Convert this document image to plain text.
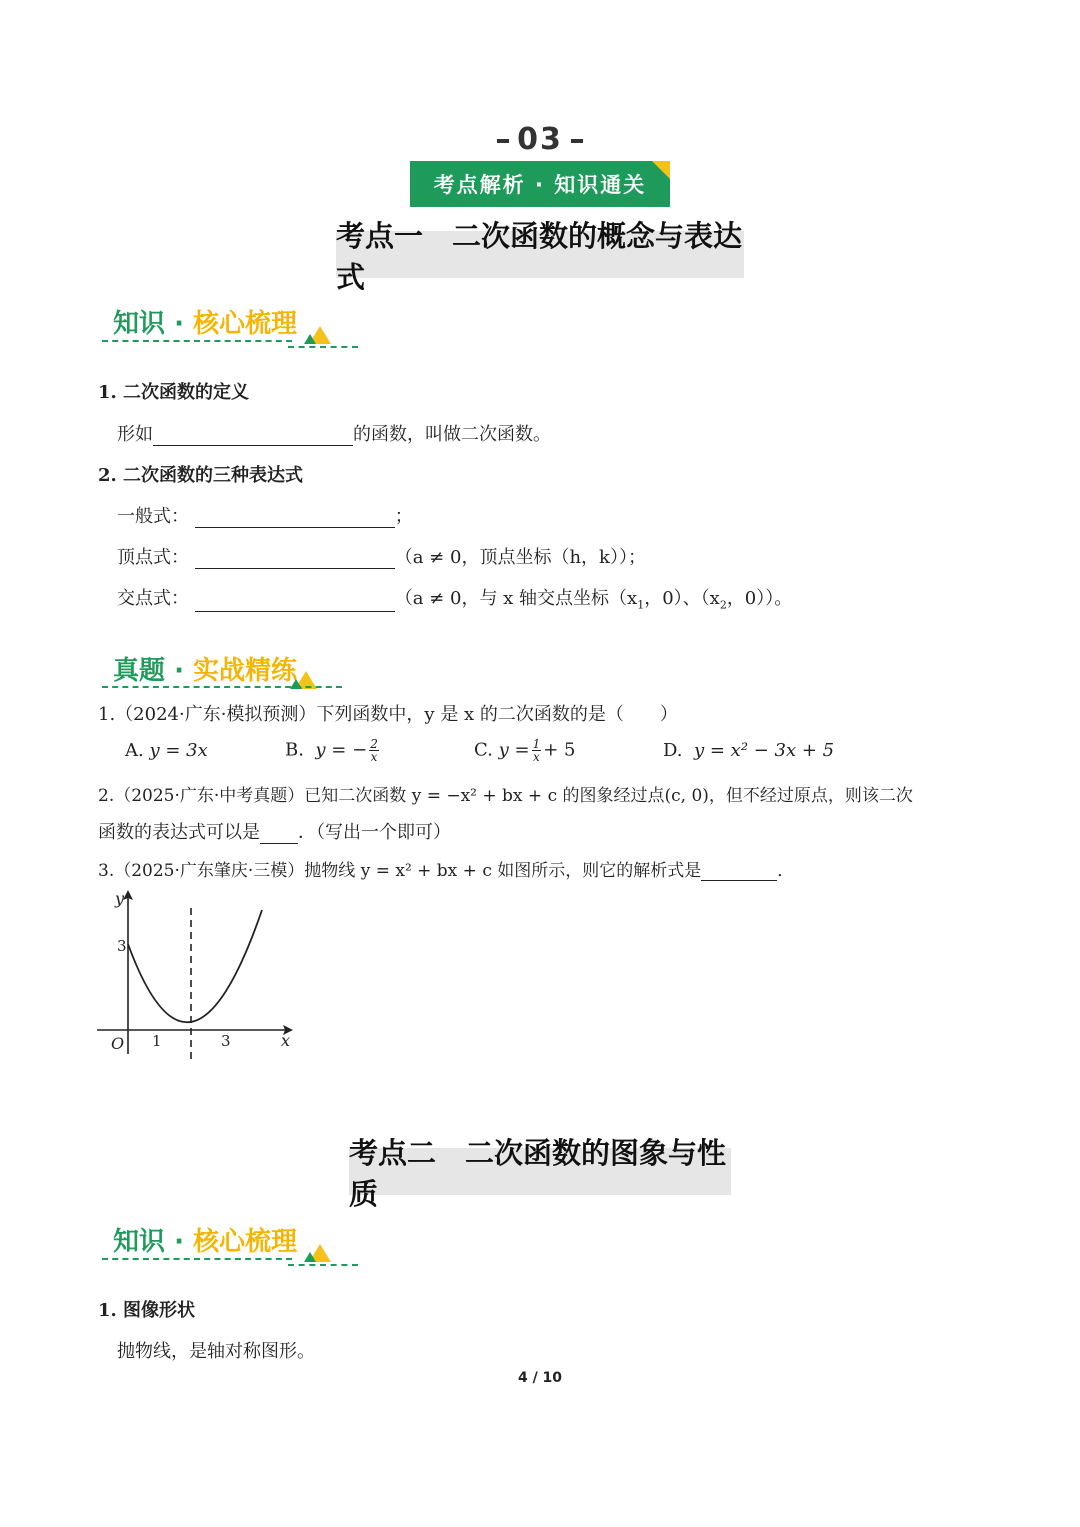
03
考点解析 · 知识通关
考点一　二次函数的概念与表达式
知识 · 核心梳理
1. 二次函数的定义
形如	的函数，叫做二次函数。
2. 二次函数的三种表达式
一般式：	；
顶点式：	（a ≠ 0，顶点坐标（h，k））；
交点式：	（a ≠ 0，与 x 轴交点坐标（$x_1$，0）、（$x_2$，0））。
真题 · 实战精练
1.（2024·广东·模拟预测）下列函数中，y 是 x 的二次函数的是（　　）
A. y = 3x	B. y = − $\frac{2}{x}$	C. $y = \frac{1}{x} + 5$	D. y = x² − 3x + 5
2.（2025·广东·中考真题）已知二次函数 y = −x² + bx + c 的图象经过点(c, 0)，但不经过原点，则该二次
函数的表达式可以是 ．（写出一个即可）
3.（2025·广东肇庆·三模）抛物线 y = x² + bx + c 如图所示，则它的解析式是	．
y
x
O
3
1	3
考点二　二次函数的图象与性质
知识 · 核心梳理
1. 图像形状
抛物线，是轴对称图形。
4 / 10
